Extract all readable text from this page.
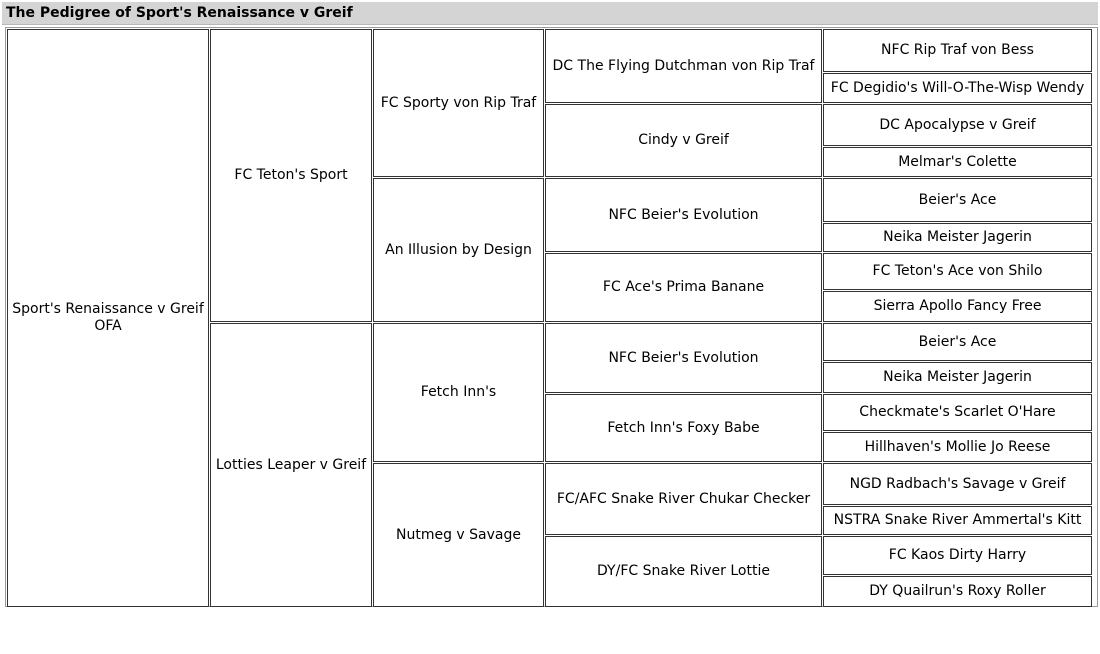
The Pedigree of Sport's Renaissance v Greif
Sport's Renaissance v Greif
OFA
FC Teton's Sport
Lotties Leaper v Greif
FC Sporty von Rip Traf
An Illusion by Design
Fetch Inn's
Nutmeg v Savage
DC The Flying Dutchman von Rip Traf
Cindy v Greif
NFC Beier's Evolution
FC Ace's Prima Banane
NFC Beier's Evolution
Fetch Inn's Foxy Babe
FC/AFC Snake River Chukar Checker
DY/FC Snake River Lottie
NFC Rip Traf von Bess
FC Degidio's Will-O-The-Wisp Wendy
DC Apocalypse v Greif
Melmar's Colette
Beier's Ace
Neika Meister Jagerin
FC Teton's Ace von Shilo
Sierra Apollo Fancy Free
Beier's Ace
Neika Meister Jagerin
Checkmate's Scarlet O'Hare
Hillhaven's Mollie Jo Reese
NGD Radbach's Savage v Greif
NSTRA Snake River Ammertal's Kitt
FC Kaos Dirty Harry
DY Quailrun's Roxy Roller
